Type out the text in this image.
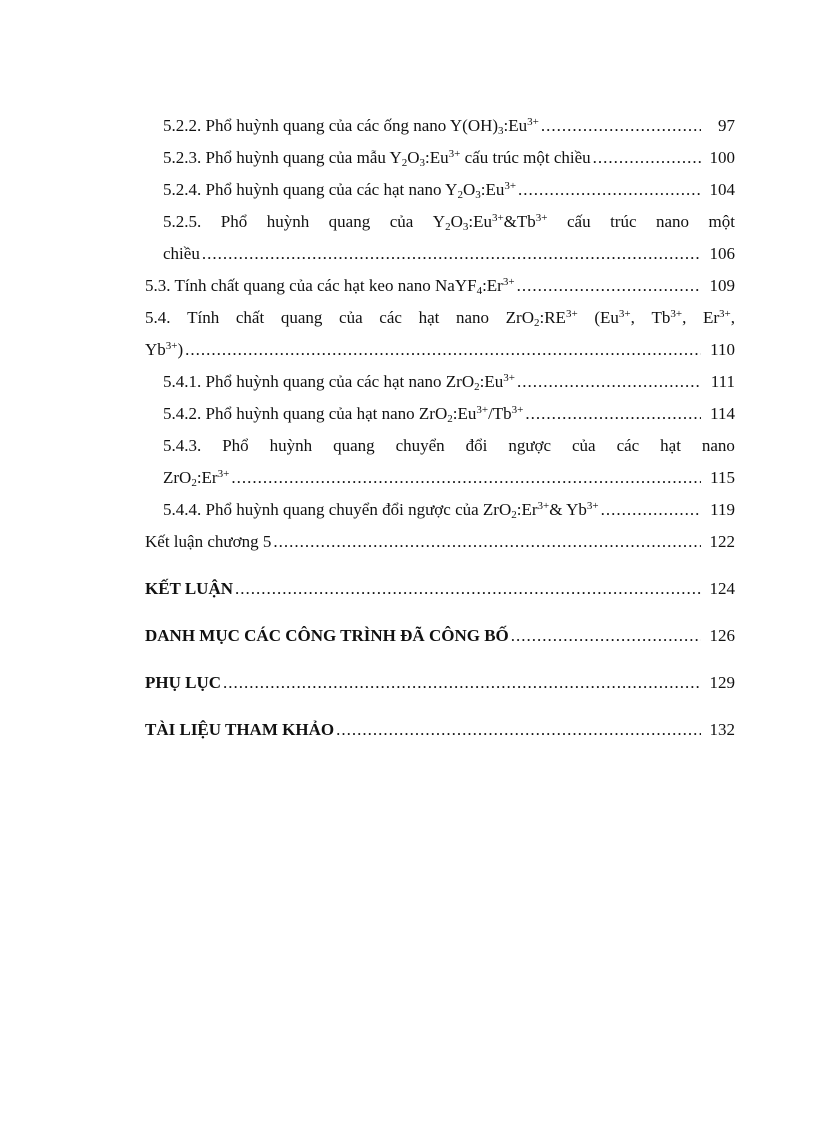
5.2.2. Phổ huỳnh quang của các ống nano $Y(OH)_3:Eu^{3+}$ .....	97
5.2.3. Phổ huỳnh quang của mẫu $Y_2O_3:Eu^{3+}$ cấu trúc một chiều .....	100
5.2.4. Phổ huỳnh quang của các hạt nano $Y_2O_3:Eu^{3+}$ .....	104
5.2.5. Phổ huỳnh quang của $Y_2O_3:Eu^{3+}\&Tb^{3+}$ cấu trúc nano một
chiều .....	106
5.3. Tính chất quang của các hạt keo nano $NaYF_4:Er^{3+}$ .....	109
5.4. Tính chất quang của các hạt nano $ZrO_2:RE^{3+}$ ($Eu^{3+}$, $Tb^{3+}$, $Er^{3+}$,
$Yb^{3+}$) .....	110
5.4.1. Phổ huỳnh quang của các hạt nano $ZrO_2:Eu^{3+}$ .....	111
5.4.2. Phổ huỳnh quang của hạt nano $ZrO_2:Eu^{3+}/Tb^{3+}$ .....	114
5.4.3. Phổ huỳnh quang chuyển đổi ngược của các hạt nano
$ZrO_2:Er^{3+}$ .....	115
5.4.4. Phổ huỳnh quang chuyển đổi ngược của $ZrO_2:Er^{3+}\&$ $Yb^{3+}$ .....	119
Kết luận chương 5 .....	122
KẾT LUẬN .....	124
DANH MỤC CÁC CÔNG TRÌNH ĐÃ CÔNG BỐ .....	126
PHỤ LỤC .....	129
TÀI LIỆU THAM KHẢO .....	132
